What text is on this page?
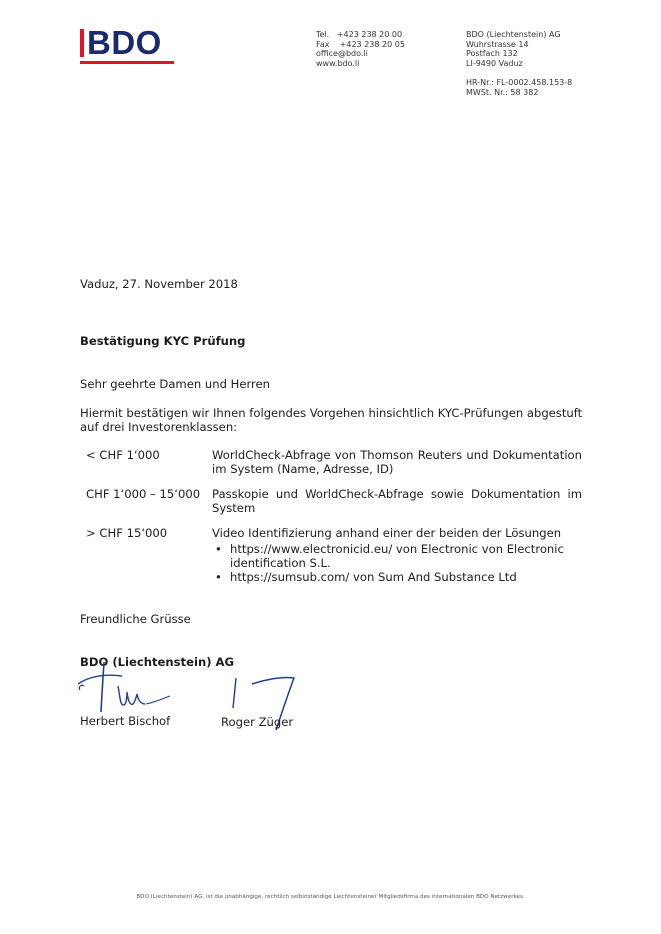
BDO	Tel.   +423 238 20 00
Fax    +423 238 20 05
office@bdo.li
www.bdo.li
BDO (Liechtenstein) AG
Wuhrstrasse 14
Postfach 132
LI-9490 Vaduz
HR-Nr.: FL-0002.458.153-8
MWSt. Nr.: 58 382
Vaduz, 27. November 2018
Bestätigung KYC Prüfung
Sehr geehrte Damen und Herren
Hiermit bestätigen wir Ihnen folgendes Vorgehen hinsichtlich KYC-Prüfungen abgestuft auf drei Investorenklassen:
< CHF 1‘000	WorldCheck-Abfrage von Thomson Reuters und Dokumentation im System (Name, Adresse, ID)
CHF 1‘000 – 15‘000 Passkopie und WorldCheck-Abfrage sowie Dokumentation im System
> CHF 15‘000	Video Identifizierung anhand einer der beiden der Lösungen
• https://www.electronicid.eu/ von Electronic von Electronic identification S.L.
• https://sumsub.com/ von Sum And Substance Ltd
Freundliche Grüsse
BDO (Liechtenstein) AG
Herbert Bischof	Roger Züger
BDO (Liechtenstein) AG, ist die unabhängige, rechtlich selbstständige Liechtensteiner Mitgliedsfirma des internationalen BDO Netzwerkes.
